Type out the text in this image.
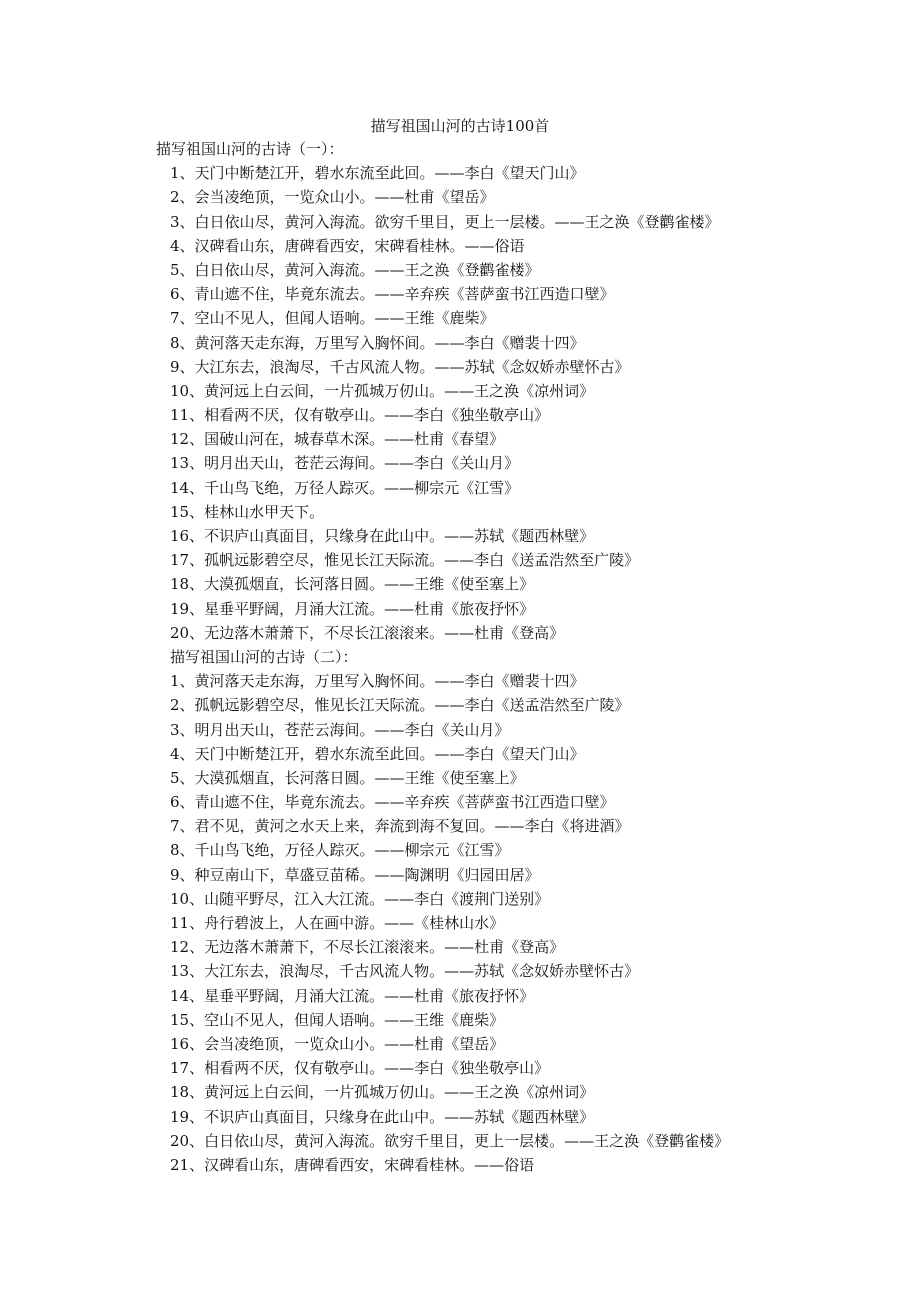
描写祖国山河的古诗100首
描写祖国山河的古诗（一）：
1、天门中断楚江开，碧水东流至此回。——李白《望天门山》
2、会当凌绝顶，一览众山小。——杜甫《望岳》
3、白日依山尽，黄河入海流。欲穷千里目，更上一层楼。——王之涣《登鹳雀楼》
4、汉碑看山东，唐碑看西安，宋碑看桂林。——俗语
5、白日依山尽，黄河入海流。——王之涣《登鹳雀楼》
6、青山遮不住，毕竟东流去。——辛弃疾《菩萨蛮书江西造口壁》
7、空山不见人，但闻人语响。——王维《鹿柴》
8、黄河落天走东海，万里写入胸怀间。——李白《赠裴十四》
9、大江东去，浪淘尽，千古风流人物。——苏轼《念奴娇赤壁怀古》
10、黄河远上白云间，一片孤城万仞山。——王之涣《凉州词》
11、相看两不厌，仅有敬亭山。——李白《独坐敬亭山》
12、国破山河在，城春草木深。——杜甫《春望》
13、明月出天山，苍茫云海间。——李白《关山月》
14、千山鸟飞绝，万径人踪灭。——柳宗元《江雪》
15、桂林山水甲天下。
16、不识庐山真面目，只缘身在此山中。——苏轼《题西林壁》
17、孤帆远影碧空尽，惟见长江天际流。——李白《送孟浩然至广陵》
18、大漠孤烟直，长河落日圆。——王维《使至塞上》
19、星垂平野阔，月涌大江流。——杜甫《旅夜抒怀》
20、无边落木萧萧下，不尽长江滚滚来。——杜甫《登高》
描写祖国山河的古诗（二）：
1、黄河落天走东海，万里写入胸怀间。——李白《赠裴十四》
2、孤帆远影碧空尽，惟见长江天际流。——李白《送孟浩然至广陵》
3、明月出天山，苍茫云海间。——李白《关山月》
4、天门中断楚江开，碧水东流至此回。——李白《望天门山》
5、大漠孤烟直，长河落日圆。——王维《使至塞上》
6、青山遮不住，毕竟东流去。——辛弃疾《菩萨蛮书江西造口壁》
7、君不见，黄河之水天上来，奔流到海不复回。——李白《将进酒》
8、千山鸟飞绝，万径人踪灭。——柳宗元《江雪》
9、种豆南山下，草盛豆苗稀。——陶渊明《归园田居》
10、山随平野尽，江入大江流。——李白《渡荆门送别》
11、舟行碧波上，人在画中游。——《桂林山水》
12、无边落木萧萧下，不尽长江滚滚来。——杜甫《登高》
13、大江东去，浪淘尽，千古风流人物。——苏轼《念奴娇赤壁怀古》
14、星垂平野阔，月涌大江流。——杜甫《旅夜抒怀》
15、空山不见人，但闻人语响。——王维《鹿柴》
16、会当凌绝顶，一览众山小。——杜甫《望岳》
17、相看两不厌，仅有敬亭山。——李白《独坐敬亭山》
18、黄河远上白云间，一片孤城万仞山。——王之涣《凉州词》
19、不识庐山真面目，只缘身在此山中。——苏轼《题西林壁》
20、白日依山尽，黄河入海流。欲穷千里目，更上一层楼。——王之涣《登鹳雀楼》
21、汉碑看山东，唐碑看西安，宋碑看桂林。——俗语
